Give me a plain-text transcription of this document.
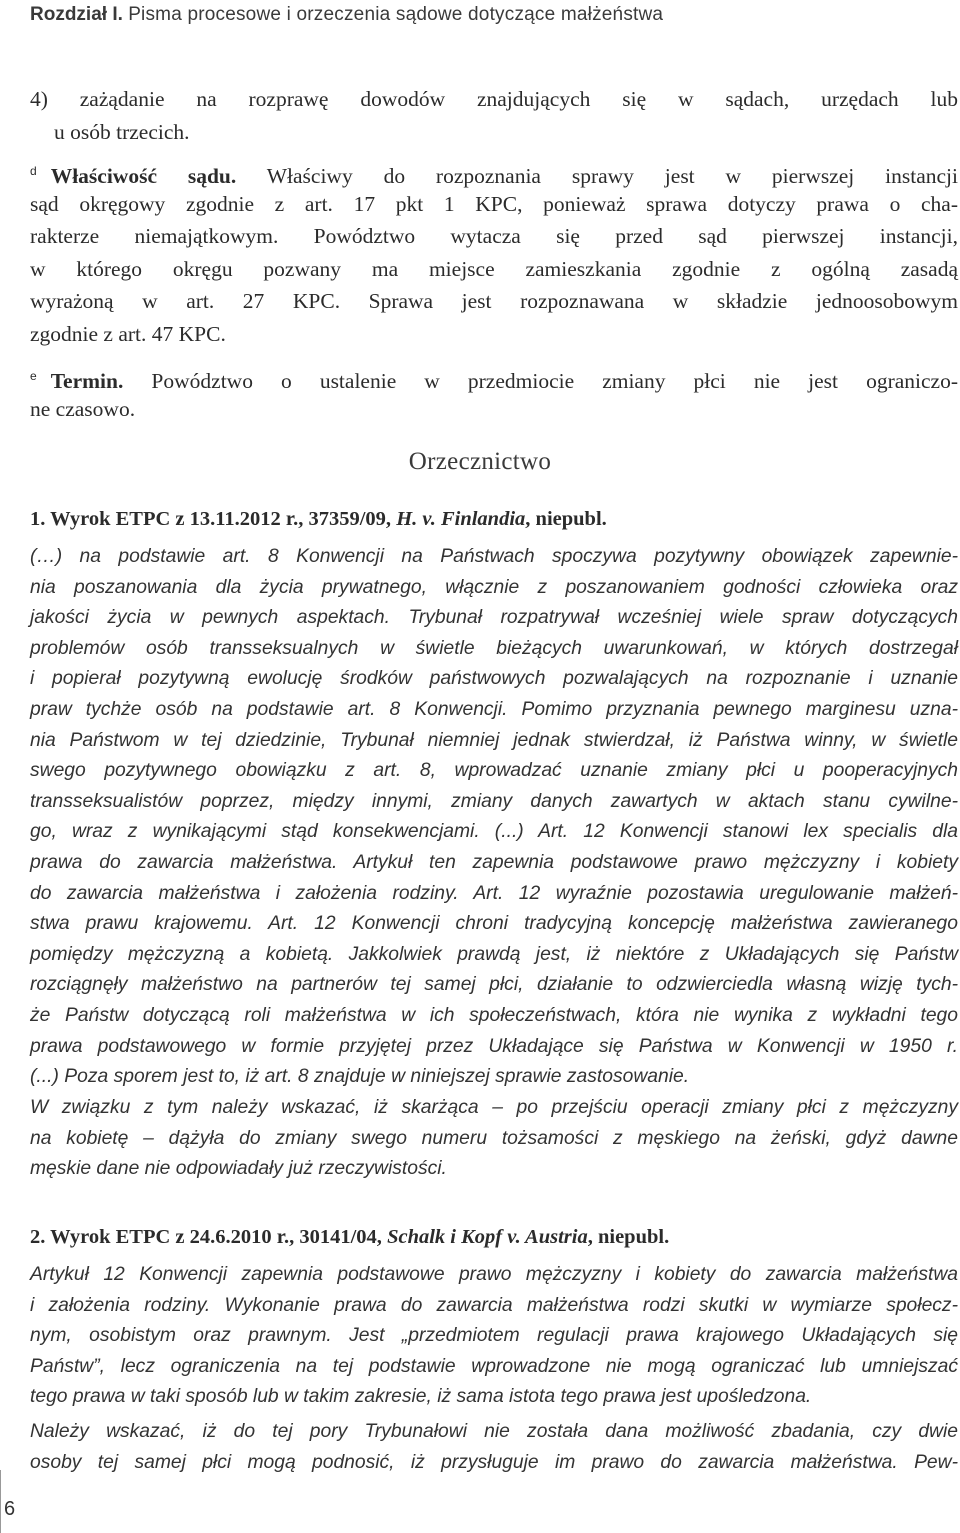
Rozdział I. Pisma procesowe i orzeczenia sądowe dotyczące małżeństwa
4) zażądanie na rozprawę dowodów znajdujących się w sądach, urzędach lub
u osób trzecich.
$^d$ Właściwość sądu. Właściwy do rozpoznania sprawy jest w pierwszej instancji
sąd okręgowy zgodnie z art. 17 pkt 1 KPC, ponieważ sprawa dotyczy prawa o cha-
rakterze niemajątkowym. Powództwo wytacza się przed sąd pierwszej instancji,
w którego okręgu pozwany ma miejsce zamieszkania zgodnie z ogólną zasadą
wyrażoną w art. 27 KPC. Sprawa jest rozpoznawana w składzie jednoosobowym
zgodnie z art. 47 KPC.
$^e$ Termin. Powództwo o ustalenie w przedmiocie zmiany płci nie jest ograniczo-
ne czasowo.
Orzecznictwo
1. Wyrok ETPC z 13.11.2012 r., 37359/09, H. v. Finlandia, niepubl.
(…) na podstawie art. 8 Konwencji na Państwach spoczywa pozytywny obowiązek zapewnie-
nia poszanowania dla życia prywatnego, włącznie z poszanowaniem godności człowieka oraz
jakości życia w pewnych aspektach. Trybunał rozpatrywał wcześniej wiele spraw dotyczących
problemów osób transseksualnych w świetle bieżących uwarunkowań, w których dostrzegał
i popierał pozytywną ewolucję środków państwowych pozwalających na rozpoznanie i uznanie
praw tychże osób na podstawie art. 8 Konwencji. Pomimo przyznania pewnego marginesu uzna-
nia Państwom w tej dziedzinie, Trybunał niemniej jednak stwierdzał, iż Państwa winny, w świetle
swego pozytywnego obowiązku z art. 8, wprowadzać uznanie zmiany płci u pooperacyjnych
transseksualistów poprzez, między innymi, zmiany danych zawartych w aktach stanu cywilne-
go, wraz z wynikającymi stąd konsekwencjami. (...) Art. 12 Konwencji stanowi lex specialis dla
prawa do zawarcia małżeństwa. Artykuł ten zapewnia podstawowe prawo mężczyzny i kobiety
do zawarcia małżeństwa i założenia rodziny. Art. 12 wyraźnie pozostawia uregulowanie małżeń-
stwa prawu krajowemu. Art. 12 Konwencji chroni tradycyjną koncepcję małżeństwa zawieranego
pomiędzy mężczyzną a kobietą. Jakkolwiek prawdą jest, iż niektóre z Układających się Państw
rozciągnęły małżeństwo na partnerów tej samej płci, działanie to odzwierciedla własną wizję tych-
że Państw dotyczącą roli małżeństwa w ich społeczeństwach, która nie wynika z wykładni tego
prawa podstawowego w formie przyjętej przez Układające się Państwa w Konwencji w 1950 r.
(...) Poza sporem jest to, iż art. 8 znajduje w niniejszej sprawie zastosowanie.
W związku z tym należy wskazać, iż skarżąca – po przejściu operacji zmiany płci z mężczyzny
na kobietę – dążyła do zmiany swego numeru tożsamości z męskiego na żeński, gdyż dawne
męskie dane nie odpowiadały już rzeczywistości.
2. Wyrok ETPC z 24.6.2010 r., 30141/04, Schalk i Kopf v. Austria, niepubl.
Artykuł 12 Konwencji zapewnia podstawowe prawo mężczyzny i kobiety do zawarcia małżeństwa
i założenia rodziny. Wykonanie prawa do zawarcia małżeństwa rodzi skutki w wymiarze społecz-
nym, osobistym oraz prawnym. Jest „przedmiotem regulacji prawa krajowego Układających się
Państw”, lecz ograniczenia na tej podstawie wprowadzone nie mogą ograniczać lub umniejszać
tego prawa w taki sposób lub w takim zakresie, iż sama istota tego prawa jest upośledzona.
Należy wskazać, iż do tej pory Trybunałowi nie została dana możliwość zbadania, czy dwie
osoby tej samej płci mogą podnosić, iż przysługuje im prawo do zawarcia małżeństwa. Pew-
6
